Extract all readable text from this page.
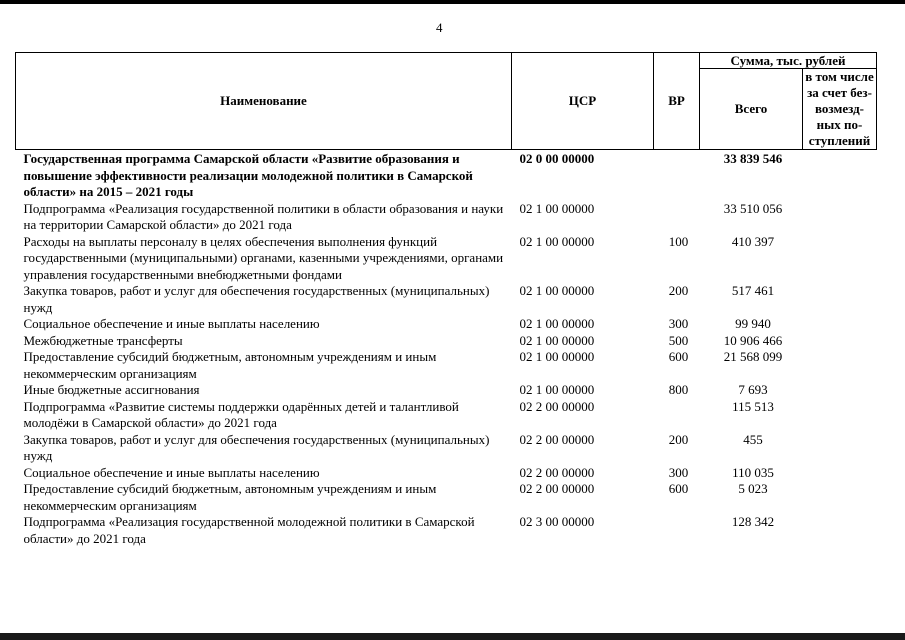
4
Наименование	ЦСР	ВР	Сумма, тыс. рублей	
			Всего	в том числе за счет без-возмезд-ных по-ступлений
Государственная программа Самарской области «Развитие образования и повышение эффективности реализации молодежной политики в Самарской области» на 2015 – 2021 годы	02 0 00 00000		33 839 546	
Подпрограмма «Реализация государственной политики в области образования и науки на территории Самарской области» до 2021 года	02 1 00 00000		33 510 056	
Расходы на выплаты персоналу в целях обеспечения выполнения функций государственными (муниципальными) органами, казенными учреждениями, органами управления государственными внебюджетными фондами	02 1 00 00000	100	410 397	
Закупка товаров, работ и услуг для обеспечения государственных (муниципальных) нужд	02 1 00 00000	200	517 461	
Социальное обеспечение и иные выплаты населению	02 1 00 00000	300	99 940	
Межбюджетные трансферты	02 1 00 00000	500	10 906 466	
Предоставление субсидий бюджетным, автономным учреждениям и иным некоммерческим организациям	02 1 00 00000	600	21 568 099	
Иные бюджетные ассигнования	02 1 00 00000	800	7 693	
Подпрограмма «Развитие системы поддержки одарённых детей и талантливой молодёжи в Самарской области» до 2021 года	02 2 00 00000		115 513	
Закупка товаров, работ и услуг для обеспечения государственных (муниципальных) нужд	02 2 00 00000	200	455	
Социальное обеспечение и иные выплаты населению	02 2 00 00000	300	110 035	
Предоставление субсидий бюджетным, автономным учреждениям и иным некоммерческим организациям	02 2 00 00000	600	5 023	
Подпрограмма «Реализация государственной молодежной политики в Самарской области» до 2021 года	02 3 00 00000		128 342	
